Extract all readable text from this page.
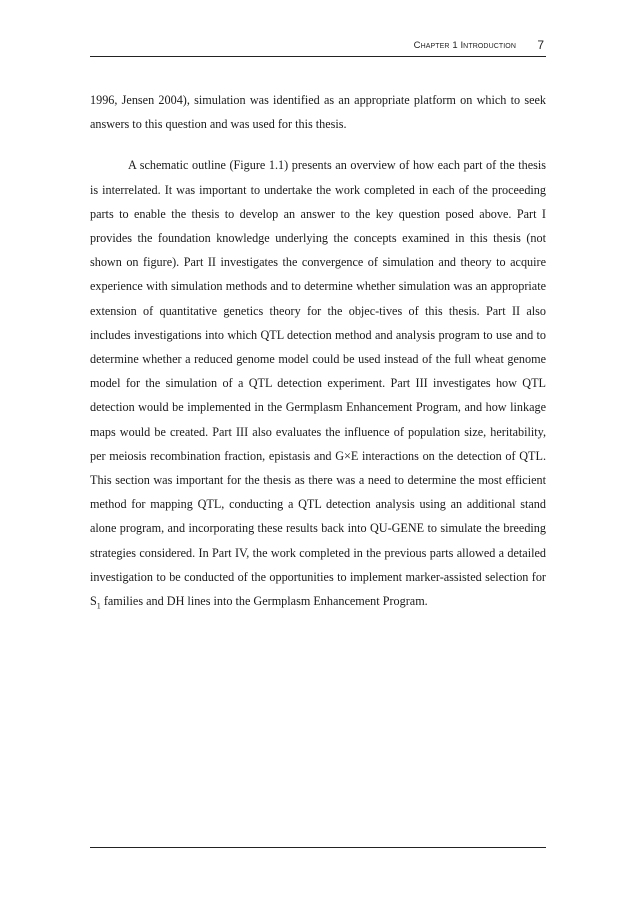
Chapter 1 Introduction 7

1996, Jensen 2004), simulation was identified as an appropriate platform on which to seek answers to this question and was used for this thesis.

A schematic outline (Figure 1.1) presents an overview of how each part of the thesis is interrelated. It was important to undertake the work completed in each of the proceeding parts to enable the thesis to develop an answer to the key question posed above. Part I provides the foundation knowledge underlying the concepts examined in this thesis (not shown on figure). Part II investigates the convergence of simulation and theory to acquire experience with simulation methods and to determine whether simulation was an appropriate extension of quantitative genetics theory for the objec-tives of this thesis. Part II also includes investigations into which QTL detection method and analysis program to use and to determine whether a reduced genome model could be used instead of the full wheat genome model for the simulation of a QTL detection experiment. Part III investigates how QTL detection would be implemented in the Germplasm Enhancement Program, and how linkage maps would be created. Part III also evaluates the influence of population size, heritability, per meiosis recombination fraction, epistasis and G×E interactions on the detection of QTL. This section was important for the thesis as there was a need to determine the most efficient method for mapping QTL, conducting a QTL detection analysis using an additional stand alone program, and incorporating these results back into QU-GENE to simulate the breeding strategies considered. In Part IV, the work completed in the previous parts allowed a detailed investigation to be conducted of the opportunities to implement marker-assisted selection for $S_1$ families and DH lines into the Germplasm Enhancement Program.
